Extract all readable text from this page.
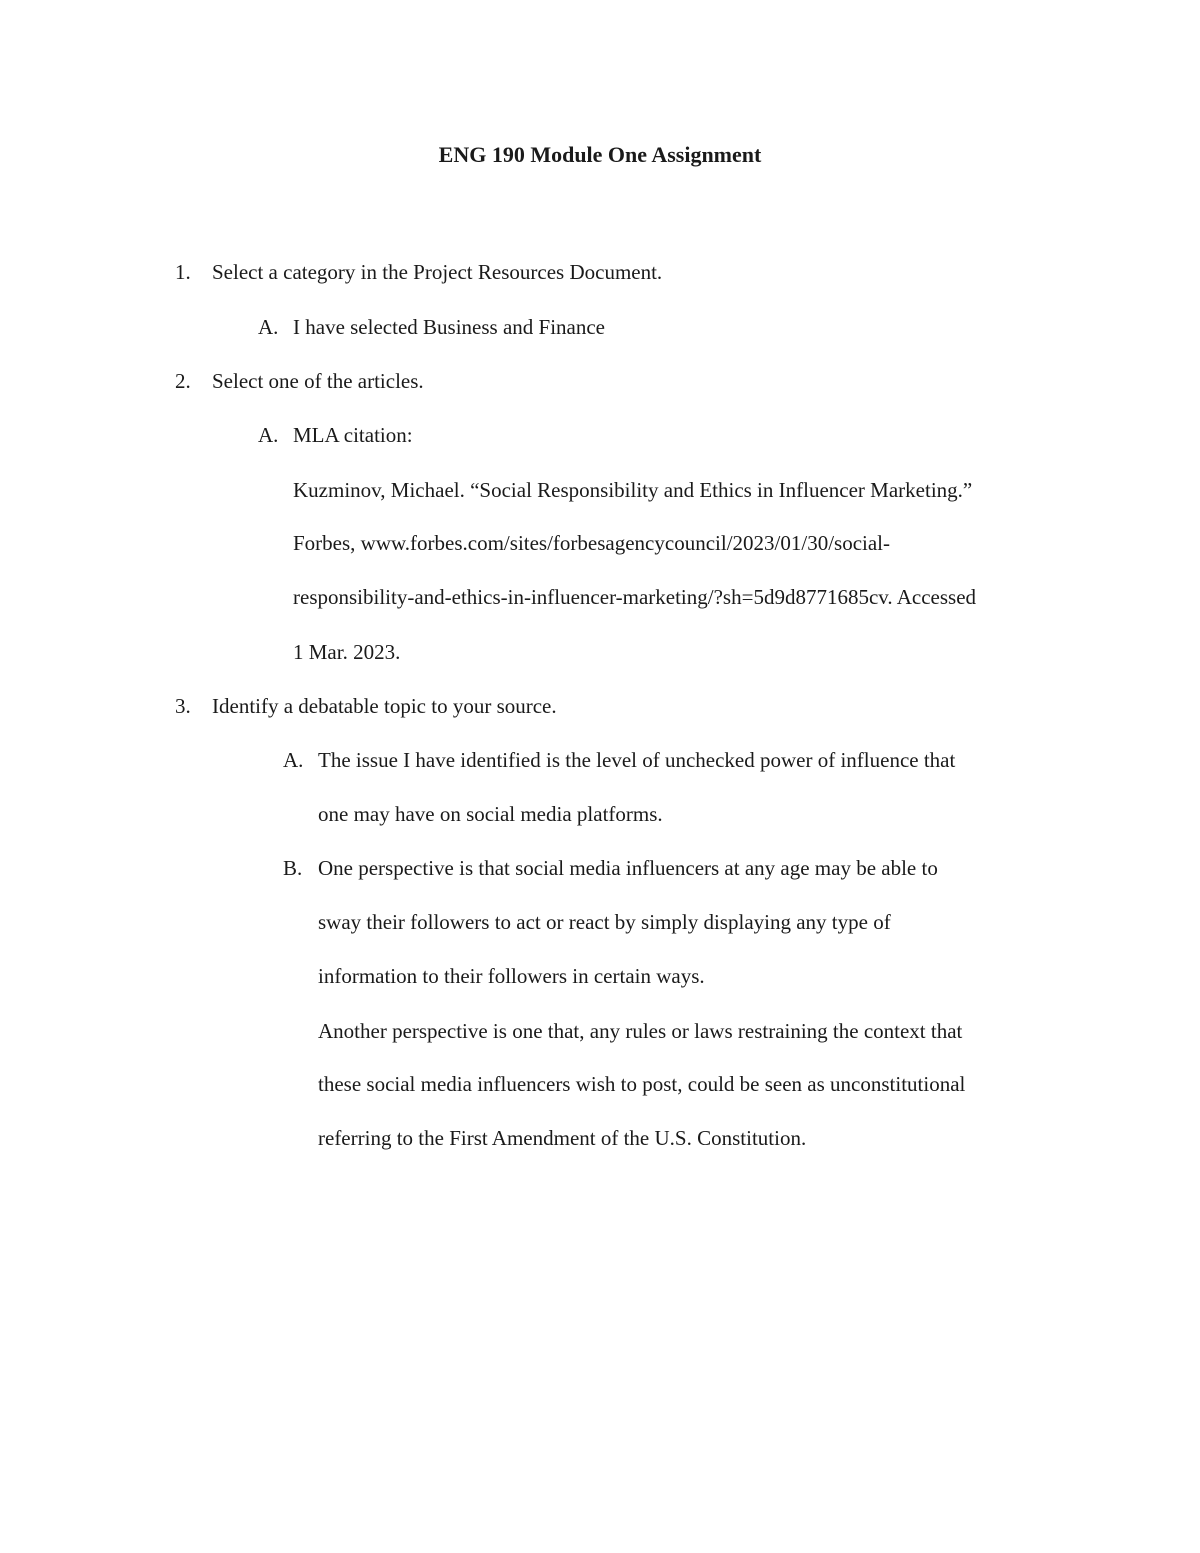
ENG 190 Module One Assignment
1. Select a category in the Project Resources Document.
A. I have selected Business and Finance
2. Select one of the articles.
A. MLA citation:
Kuzminov, Michael. “Social Responsibility and Ethics in Influencer Marketing.”
Forbes, www.forbes.com/sites/forbesagencycouncil/2023/01/30/social-
responsibility-and-ethics-in-influencer-marketing/?sh=5d9d8771685cv. Accessed
1 Mar. 2023.
3. Identify a debatable topic to your source.
A. The issue I have identified is the level of unchecked power of influence that
one may have on social media platforms.
B. One perspective is that social media influencers at any age may be able to
sway their followers to act or react by simply displaying any type of
information to their followers in certain ways.
Another perspective is one that, any rules or laws restraining the context that
these social media influencers wish to post, could be seen as unconstitutional
referring to the First Amendment of the U.S. Constitution.
